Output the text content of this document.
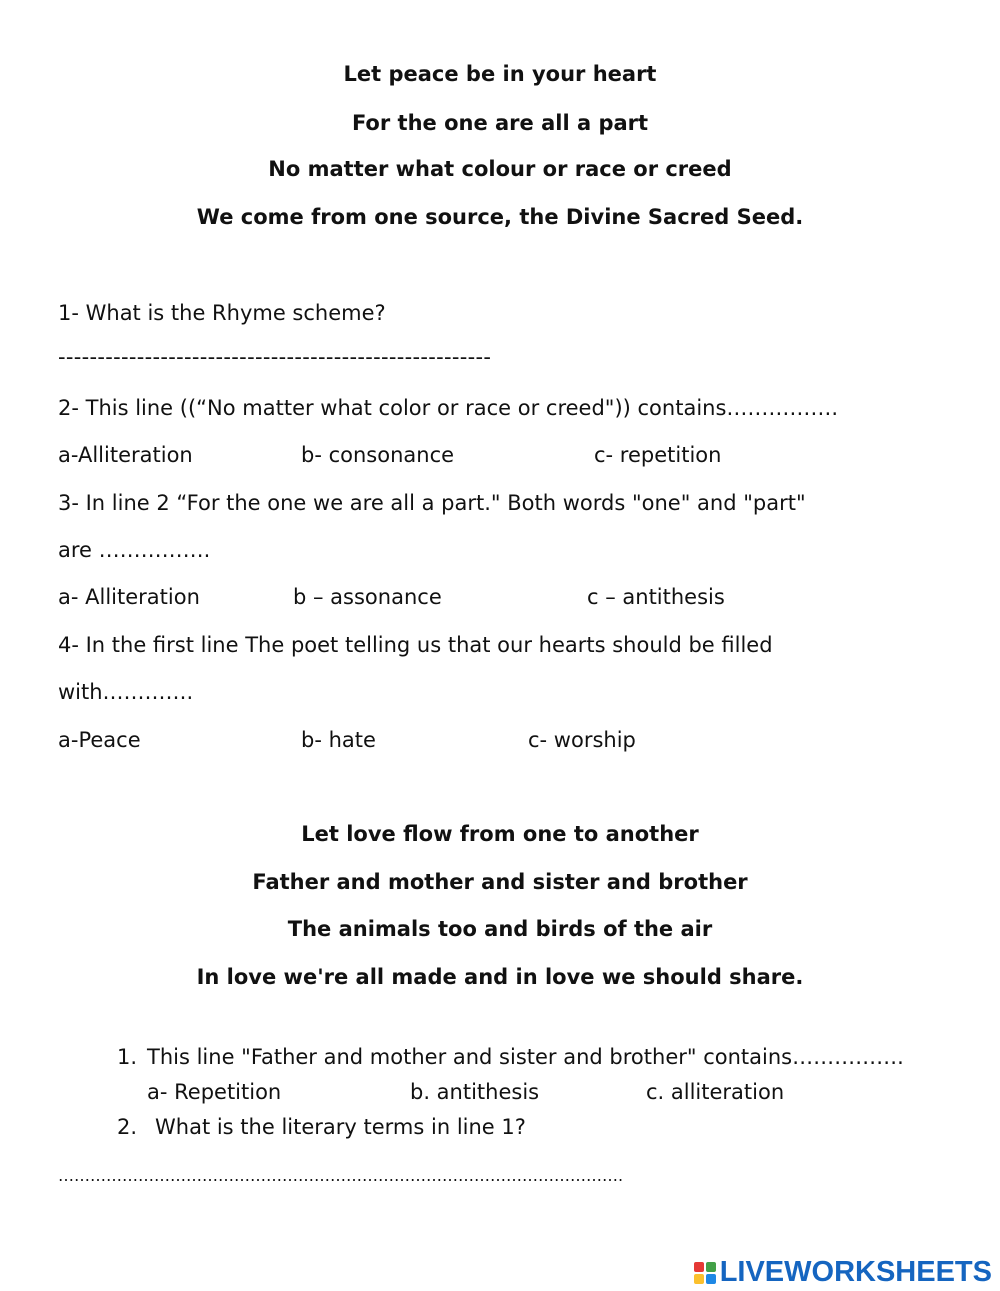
Let peace be in your heart
For the one are all a part
No matter what colour or race or creed
We come from one source, the Divine Sacred Seed.
1- What is the Rhyme scheme?
-------------------------------------------------------
2- This line ((“No matter what color or race or creed")) contains…………….
a-Alliteration	b- consonance	c- repetition
3- In line 2 “For the one we are all a part." Both words "one" and "part"
are …………….
a- Alliteration	b – assonance	c – antithesis
4- In the first line The poet telling us that our hearts should be filled
with………….
a-Peace	b- hate	c- worship
Let love flow from one to another
Father and mother and sister and brother
The animals too and birds of the air
In love we're all made and in love we should share.
1. This line "Father and mother and sister and brother" contains…………….
a- Repetition	b. antithesis	c. alliteration
2. What is the literary terms in line 1?
…………………………………………………………………………………………….
LIVEWORKSHEETS
